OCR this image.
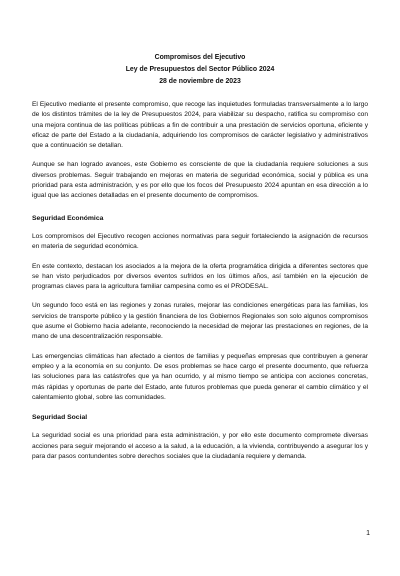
Compromisos del Ejecutivo
Ley de Presupuestos del Sector Público 2024
28 de noviembre de 2023

El Ejecutivo mediante el presente compromiso, que recoge las inquietudes formuladas transversalmente a lo largo de los distintos trámites de la ley de Presupuestos 2024, para viabilizar su despacho, ratifica su compromiso con una mejora continua de las políticas públicas a fin de contribuir a una prestación de servicios oportuna, eficiente y eficaz de parte del Estado a la ciudadanía, adquiriendo los compromisos de carácter legislativo y administrativos que a continuación se detallan.

Aunque se han logrado avances, este Gobierno es consciente de que la ciudadanía requiere soluciones a sus diversos problemas. Seguir trabajando en mejoras en materia de seguridad económica, social y pública es una prioridad para esta administración, y es por ello que los focos del Presupuesto 2024 apuntan en esa dirección a lo igual que las acciones detalladas en el presente documento de compromisos.

Seguridad Económica

Los compromisos del Ejecutivo recogen acciones normativas para seguir fortaleciendo la asignación de recursos en materia de seguridad económica.

En este contexto, destacan los asociados a la mejora de la oferta programática dirigida a diferentes sectores que se han visto perjudicados por diversos eventos sufridos en los últimos años, así también en la ejecución de programas claves para la agricultura familiar campesina como es el PRODESAL.

Un segundo foco está en las regiones y zonas rurales, mejorar las condiciones energéticas para las familias, los servicios de transporte público y la gestión financiera de los Gobiernos Regionales son solo algunos compromisos que asume el Gobierno hacia adelante, reconociendo la necesidad de mejorar las prestaciones en regiones, de la mano de una descentralización responsable.

Las emergencias climáticas han afectado a cientos de familias y pequeñas empresas que contribuyen a generar empleo y a la economía en su conjunto. De esos problemas se hace cargo el presente documento, que refuerza las soluciones para las catástrofes que ya han ocurrido, y al mismo tiempo se anticipa con acciones concretas, más rápidas y oportunas de parte del Estado, ante futuros problemas que pueda generar el cambio climático y el calentamiento global, sobre las comunidades.

Seguridad Social

La seguridad social es una prioridad para esta administración, y por ello este documento compromete diversas acciones para seguir mejorando el acceso a la salud, a la educación, a la vivienda, contribuyendo a asegurar los y para dar pasos contundentes sobre derechos sociales que la ciudadanía requiere y demanda.

1
